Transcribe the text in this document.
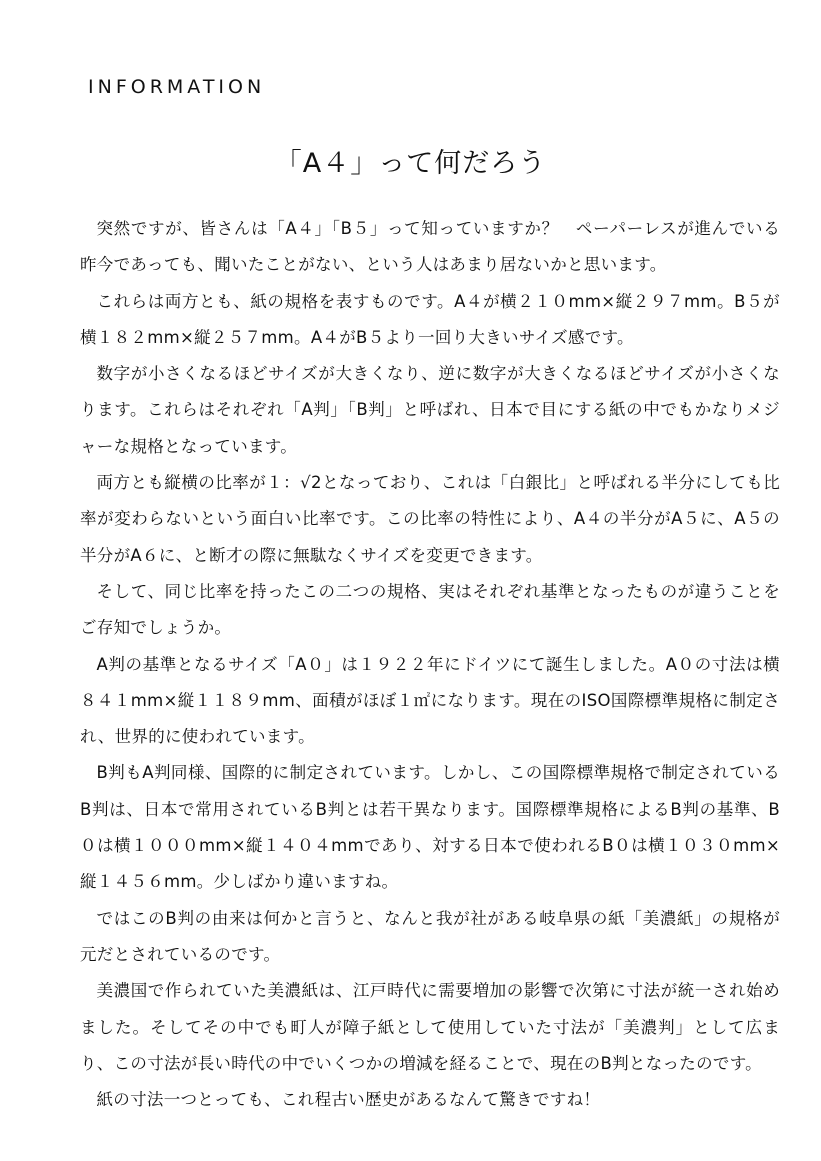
INFORMATION
「A４」って何だろう

突然ですが、皆さんは「A４」「B５」って知っていますか？　ペーパーレスが進んでいる昨今であっても、聞いたことがない、という人はあまり居ないかと思います。

これらは両方とも、紙の規格を表すものです。A４が横２１０mm×縦２９７mm。B５が横１８２mm×縦２５７mm。A４がB５より一回り大きいサイズ感です。

数字が小さくなるほどサイズが大きくなり、逆に数字が大きくなるほどサイズが小さくなります。これらはそれぞれ「A判」「B判」と呼ばれ、日本で目にする紙の中でもかなりメジャーな規格となっています。

両方とも縦横の比率が１：√2となっており、これは「白銀比」と呼ばれる半分にしても比率が変わらないという面白い比率です。この比率の特性により、A４の半分がA５に、A５の半分がA６に、と断才の際に無駄なくサイズを変更できます。

そして、同じ比率を持ったこの二つの規格、実はそれぞれ基準となったものが違うことをご存知でしょうか。

A判の基準となるサイズ「A０」は１９２２年にドイツにて誕生しました。A０の寸法は横８４１mm×縦１１８９mm、面積がほぼ１㎡になります。現在のISO国際標準規格に制定され、世界的に使われています。

B判もA判同様、国際的に制定されています。しかし、この国際標準規格で制定されているB判は、日本で常用されているB判とは若干異なります。国際標準規格によるB判の基準、B０は横１０００mm×縦１４０４mmであり、対する日本で使われるB０は横１０３０mm×縦１４５６mm。少しばかり違いますね。

ではこのB判の由来は何かと言うと、なんと我が社がある岐阜県の紙「美濃紙」の規格が元だとされているのです。

美濃国で作られていた美濃紙は、江戸時代に需要増加の影響で次第に寸法が統一され始めました。そしてその中でも町人が障子紙として使用していた寸法が「美濃判」として広まり、この寸法が長い時代の中でいくつかの増減を経ることで、現在のB判となったのです。

紙の寸法一つとっても、これ程古い歴史があるなんて驚きですね！
